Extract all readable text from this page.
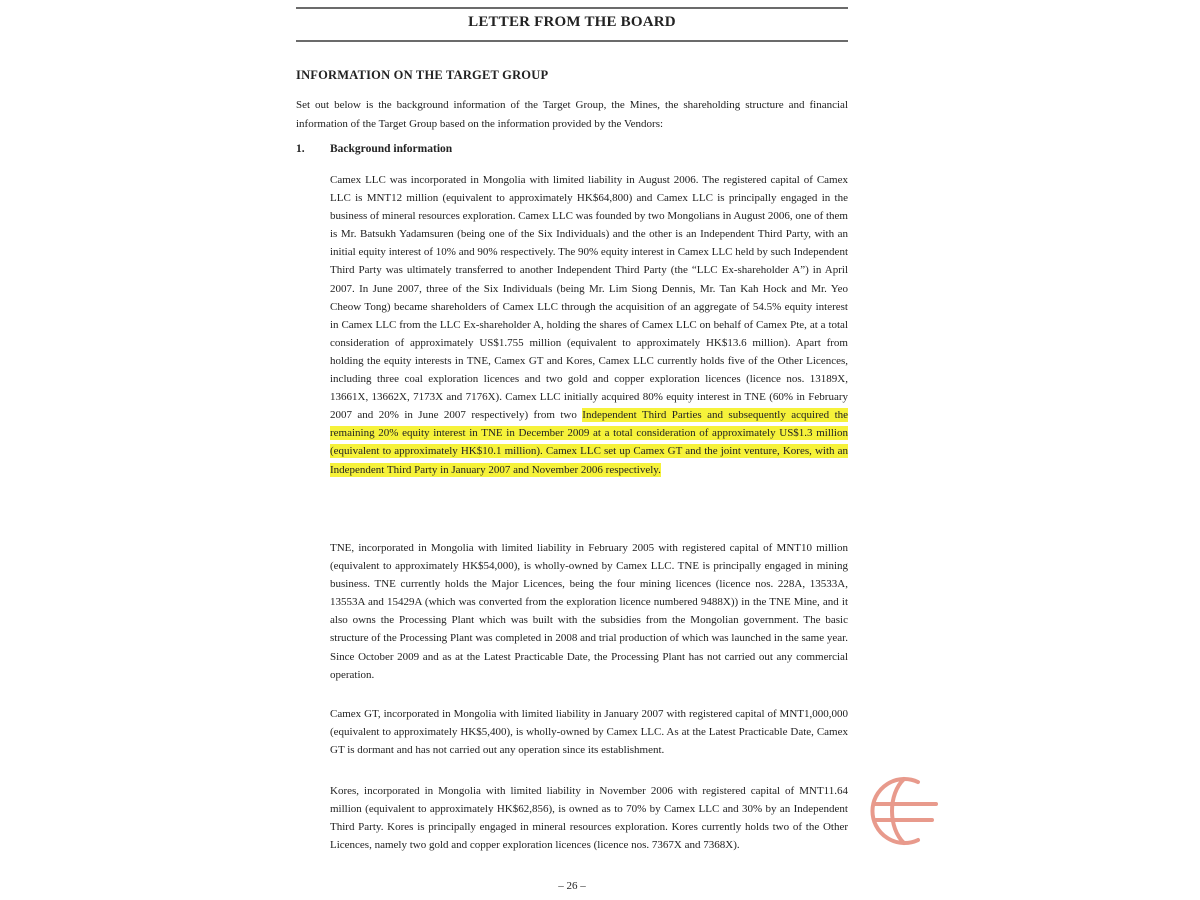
LETTER FROM THE BOARD
INFORMATION ON THE TARGET GROUP
Set out below is the background information of the Target Group, the Mines, the shareholding structure and financial information of the Target Group based on the information provided by the Vendors:
1. Background information
Camex LLC was incorporated in Mongolia with limited liability in August 2006. The registered capital of Camex LLC is MNT12 million (equivalent to approximately HK$64,800) and Camex LLC is principally engaged in the business of mineral resources exploration. Camex LLC was founded by two Mongolians in August 2006, one of them is Mr. Batsukh Yadamsuren (being one of the Six Individuals) and the other is an Independent Third Party, with an initial equity interest of 10% and 90% respectively. The 90% equity interest in Camex LLC held by such Independent Third Party was ultimately transferred to another Independent Third Party (the “LLC Ex-shareholder A”) in April 2007. In June 2007, three of the Six Individuals (being Mr. Lim Siong Dennis, Mr. Tan Kah Hock and Mr. Yeo Cheow Tong) became shareholders of Camex LLC through the acquisition of an aggregate of 54.5% equity interest in Camex LLC from the LLC Ex-shareholder A, holding the shares of Camex LLC on behalf of Camex Pte, at a total consideration of approximately US$1.755 million (equivalent to approximately HK$13.6 million). Apart from holding the equity interests in TNE, Camex GT and Kores, Camex LLC currently holds five of the Other Licences, including three coal exploration licences and two gold and copper exploration licences (licence nos. 13189X, 13661X, 13662X, 7173X and 7176X). Camex LLC initially acquired 80% equity interest in TNE (60% in February 2007 and 20% in June 2007 respectively) from two Independent Third Parties and subsequently acquired the remaining 20% equity interest in TNE in December 2009 at a total consideration of approximately US$1.3 million (equivalent to approximately HK$10.1 million). Camex LLC set up Camex GT and the joint venture, Kores, with an Independent Third Party in January 2007 and November 2006 respectively.
TNE, incorporated in Mongolia with limited liability in February 2005 with registered capital of MNT10 million (equivalent to approximately HK$54,000), is wholly-owned by Camex LLC. TNE is principally engaged in mining business. TNE currently holds the Major Licences, being the four mining licences (licence nos. 228A, 13533A, 13553A and 15429A (which was converted from the exploration licence numbered 9488X)) in the TNE Mine, and it also owns the Processing Plant which was built with the subsidies from the Mongolian government. The basic structure of the Processing Plant was completed in 2008 and trial production of which was launched in the same year. Since October 2009 and as at the Latest Practicable Date, the Processing Plant has not carried out any commercial operation.
Camex GT, incorporated in Mongolia with limited liability in January 2007 with registered capital of MNT1,000,000 (equivalent to approximately HK$5,400), is wholly-owned by Camex LLC. As at the Latest Practicable Date, Camex GT is dormant and has not carried out any operation since its establishment.
Kores, incorporated in Mongolia with limited liability in November 2006 with registered capital of MNT11.64 million (equivalent to approximately HK$62,856), is owned as to 70% by Camex LLC and 30% by an Independent Third Party. Kores is principally engaged in mineral resources exploration. Kores currently holds two of the Other Licences, namely two gold and copper exploration licences (licence nos. 7367X and 7368X).
– 26 –
